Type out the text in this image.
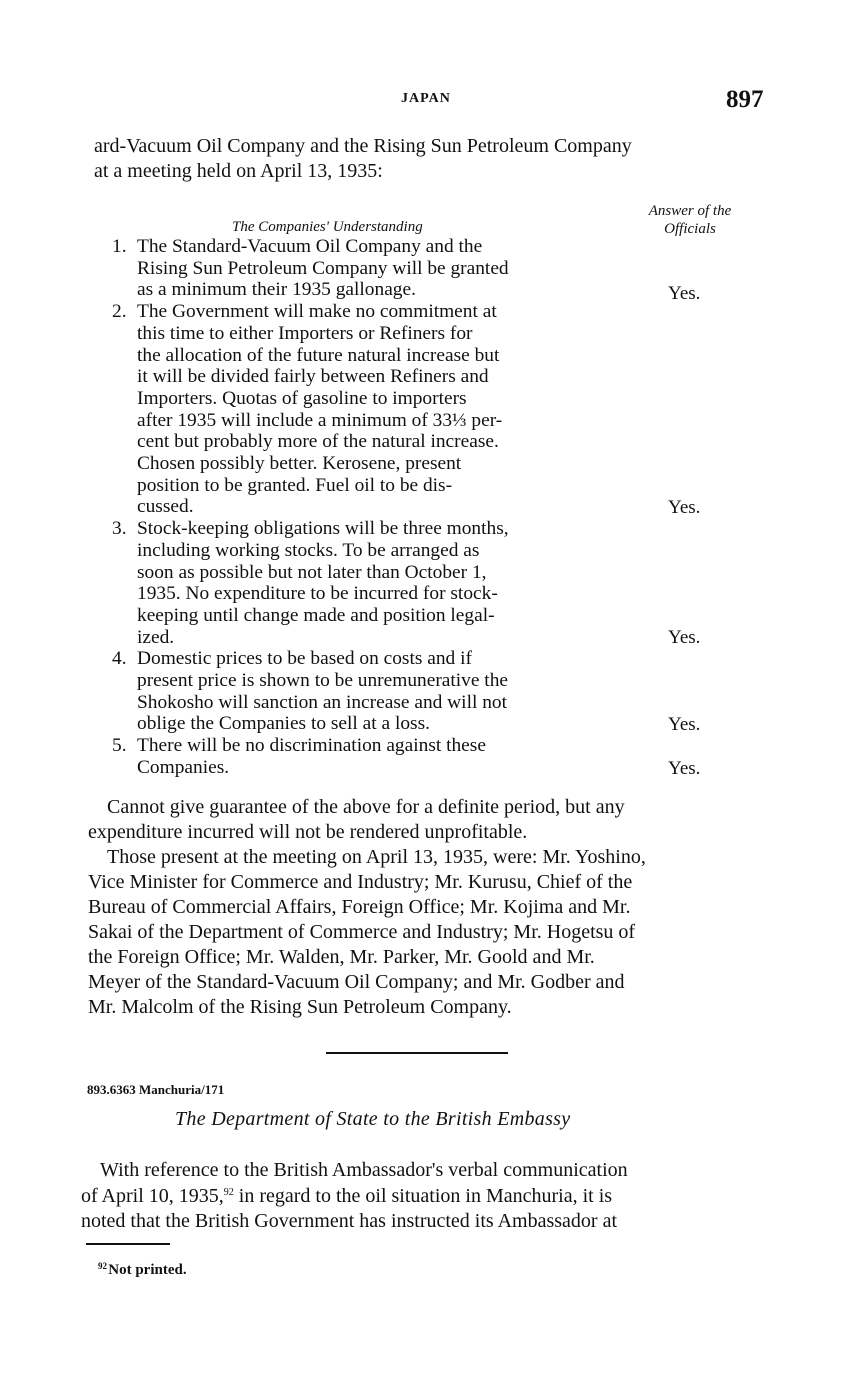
JAPAN	897

ard-Vacuum Oil Company and the Rising Sun Petroleum Company
at a meeting held on April 13, 1935:

The Companies' Understanding
Answer of the
Officials
1. The Standard-Vacuum Oil Company and the
Rising Sun Petroleum Company will be granted
as a minimum their 1935 gallonage.
2. The Government will make no commitment at
this time to either Importers or Refiners for
the allocation of the future natural increase but
it will be divided fairly between Refiners and
Importers. Quotas of gasoline to importers
after 1935 will include a minimum of 33⅓ per-
cent but probably more of the natural increase.
Chosen possibly better. Kerosene, present
position to be granted. Fuel oil to be dis-
cussed.
3. Stock-keeping obligations will be three months,
including working stocks. To be arranged as
soon as possible but not later than October 1,
1935. No expenditure to be incurred for stock-
keeping until change made and position legal-
ized.
4. Domestic prices to be based on costs and if
present price is shown to be unremunerative the
Shokosho will sanction an increase and will not
oblige the Companies to sell at a loss.
5. There will be no discrimination against these
Companies.
Yes.
Yes.
Yes.
Yes.
Yes.

Cannot give guarantee of the above for a definite period, but any
expenditure incurred will not be rendered unprofitable.

Those present at the meeting on April 13, 1935, were: Mr. Yoshino,
Vice Minister for Commerce and Industry; Mr. Kurusu, Chief of the
Bureau of Commercial Affairs, Foreign Office; Mr. Kojima and Mr.
Sakai of the Department of Commerce and Industry; Mr. Hogetsu of
the Foreign Office; Mr. Walden, Mr. Parker, Mr. Goold and Mr.
Meyer of the Standard-Vacuum Oil Company; and Mr. Godber and
Mr. Malcolm of the Rising Sun Petroleum Company.

893.6363 Manchuria/171
The Department of State to the British Embassy

With reference to the British Ambassador's verbal communication
of April 10, 1935,92 in regard to the oil situation in Manchuria, it is
noted that the British Government has instructed its Ambassador at

$^{92}$ Not printed.
